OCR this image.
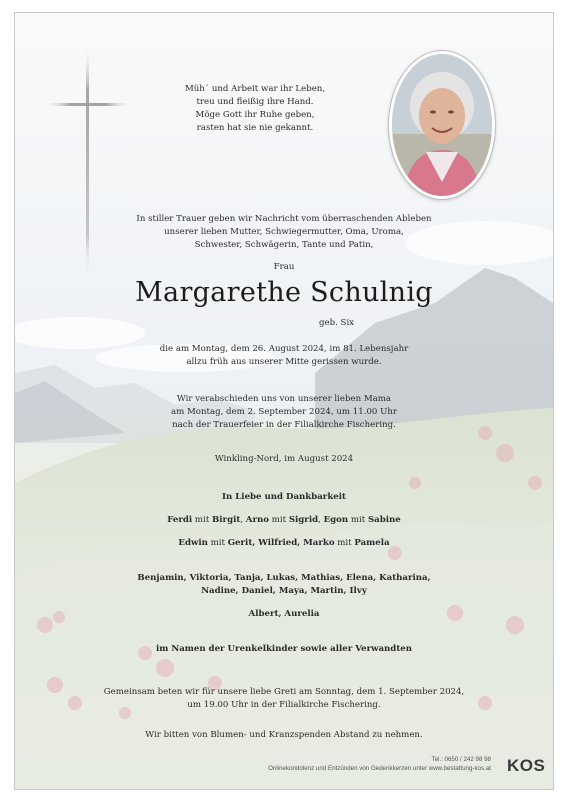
Müh´ und Arbeit war ihr Leben,
treu und fleißig ihre Hand.
Möge Gott ihr Ruhe geben,
rasten hat sie nie gekannt.
In stiller Trauer geben wir Nachricht vom überraschenden Ableben
unserer lieben Mutter, Schwiegermutter, Oma, Uroma,
Schwester, Schwägerin, Tante und Patin,
Frau
Margarethe Schulnig
geb. Six
die am Montag, dem 26. August 2024, im 81. Lebensjahr
allzu früh aus unserer Mitte gerissen wurde.
Wir verabschieden uns von unserer lieben Mama
am Montag, dem 2. September 2024, um 11.00 Uhr
nach der Trauerfeier in der Filialkirche Fischering.
Winkling-Nord, im August 2024
In Liebe und Dankbarkeit
Ferdi mit Birgit, Arno mit Sigrid, Egon mit Sabine
Edwin mit Gerit, Wilfried, Marko mit Pamela
Benjamin, Viktoria, Tanja, Lukas, Mathias, Elena, Katharina,
Nadine, Daniel, Maya, Martin, Ilvy
Albert, Aurelia
im Namen der Urenkelkinder sowie aller Verwandten
Gemeinsam beten wir für unsere liebe Greti am Sonntag, dem 1. September 2024,
um 19.00 Uhr in der Filialkirche Fischering.
Wir bitten von Blumen- und Kranzspenden Abstand zu nehmen.
Tel.: 0650 / 242 98 98
Onlinekondolenz und Entzünden von Gedenkkerzen unter www.bestattung-kos.at KOS
